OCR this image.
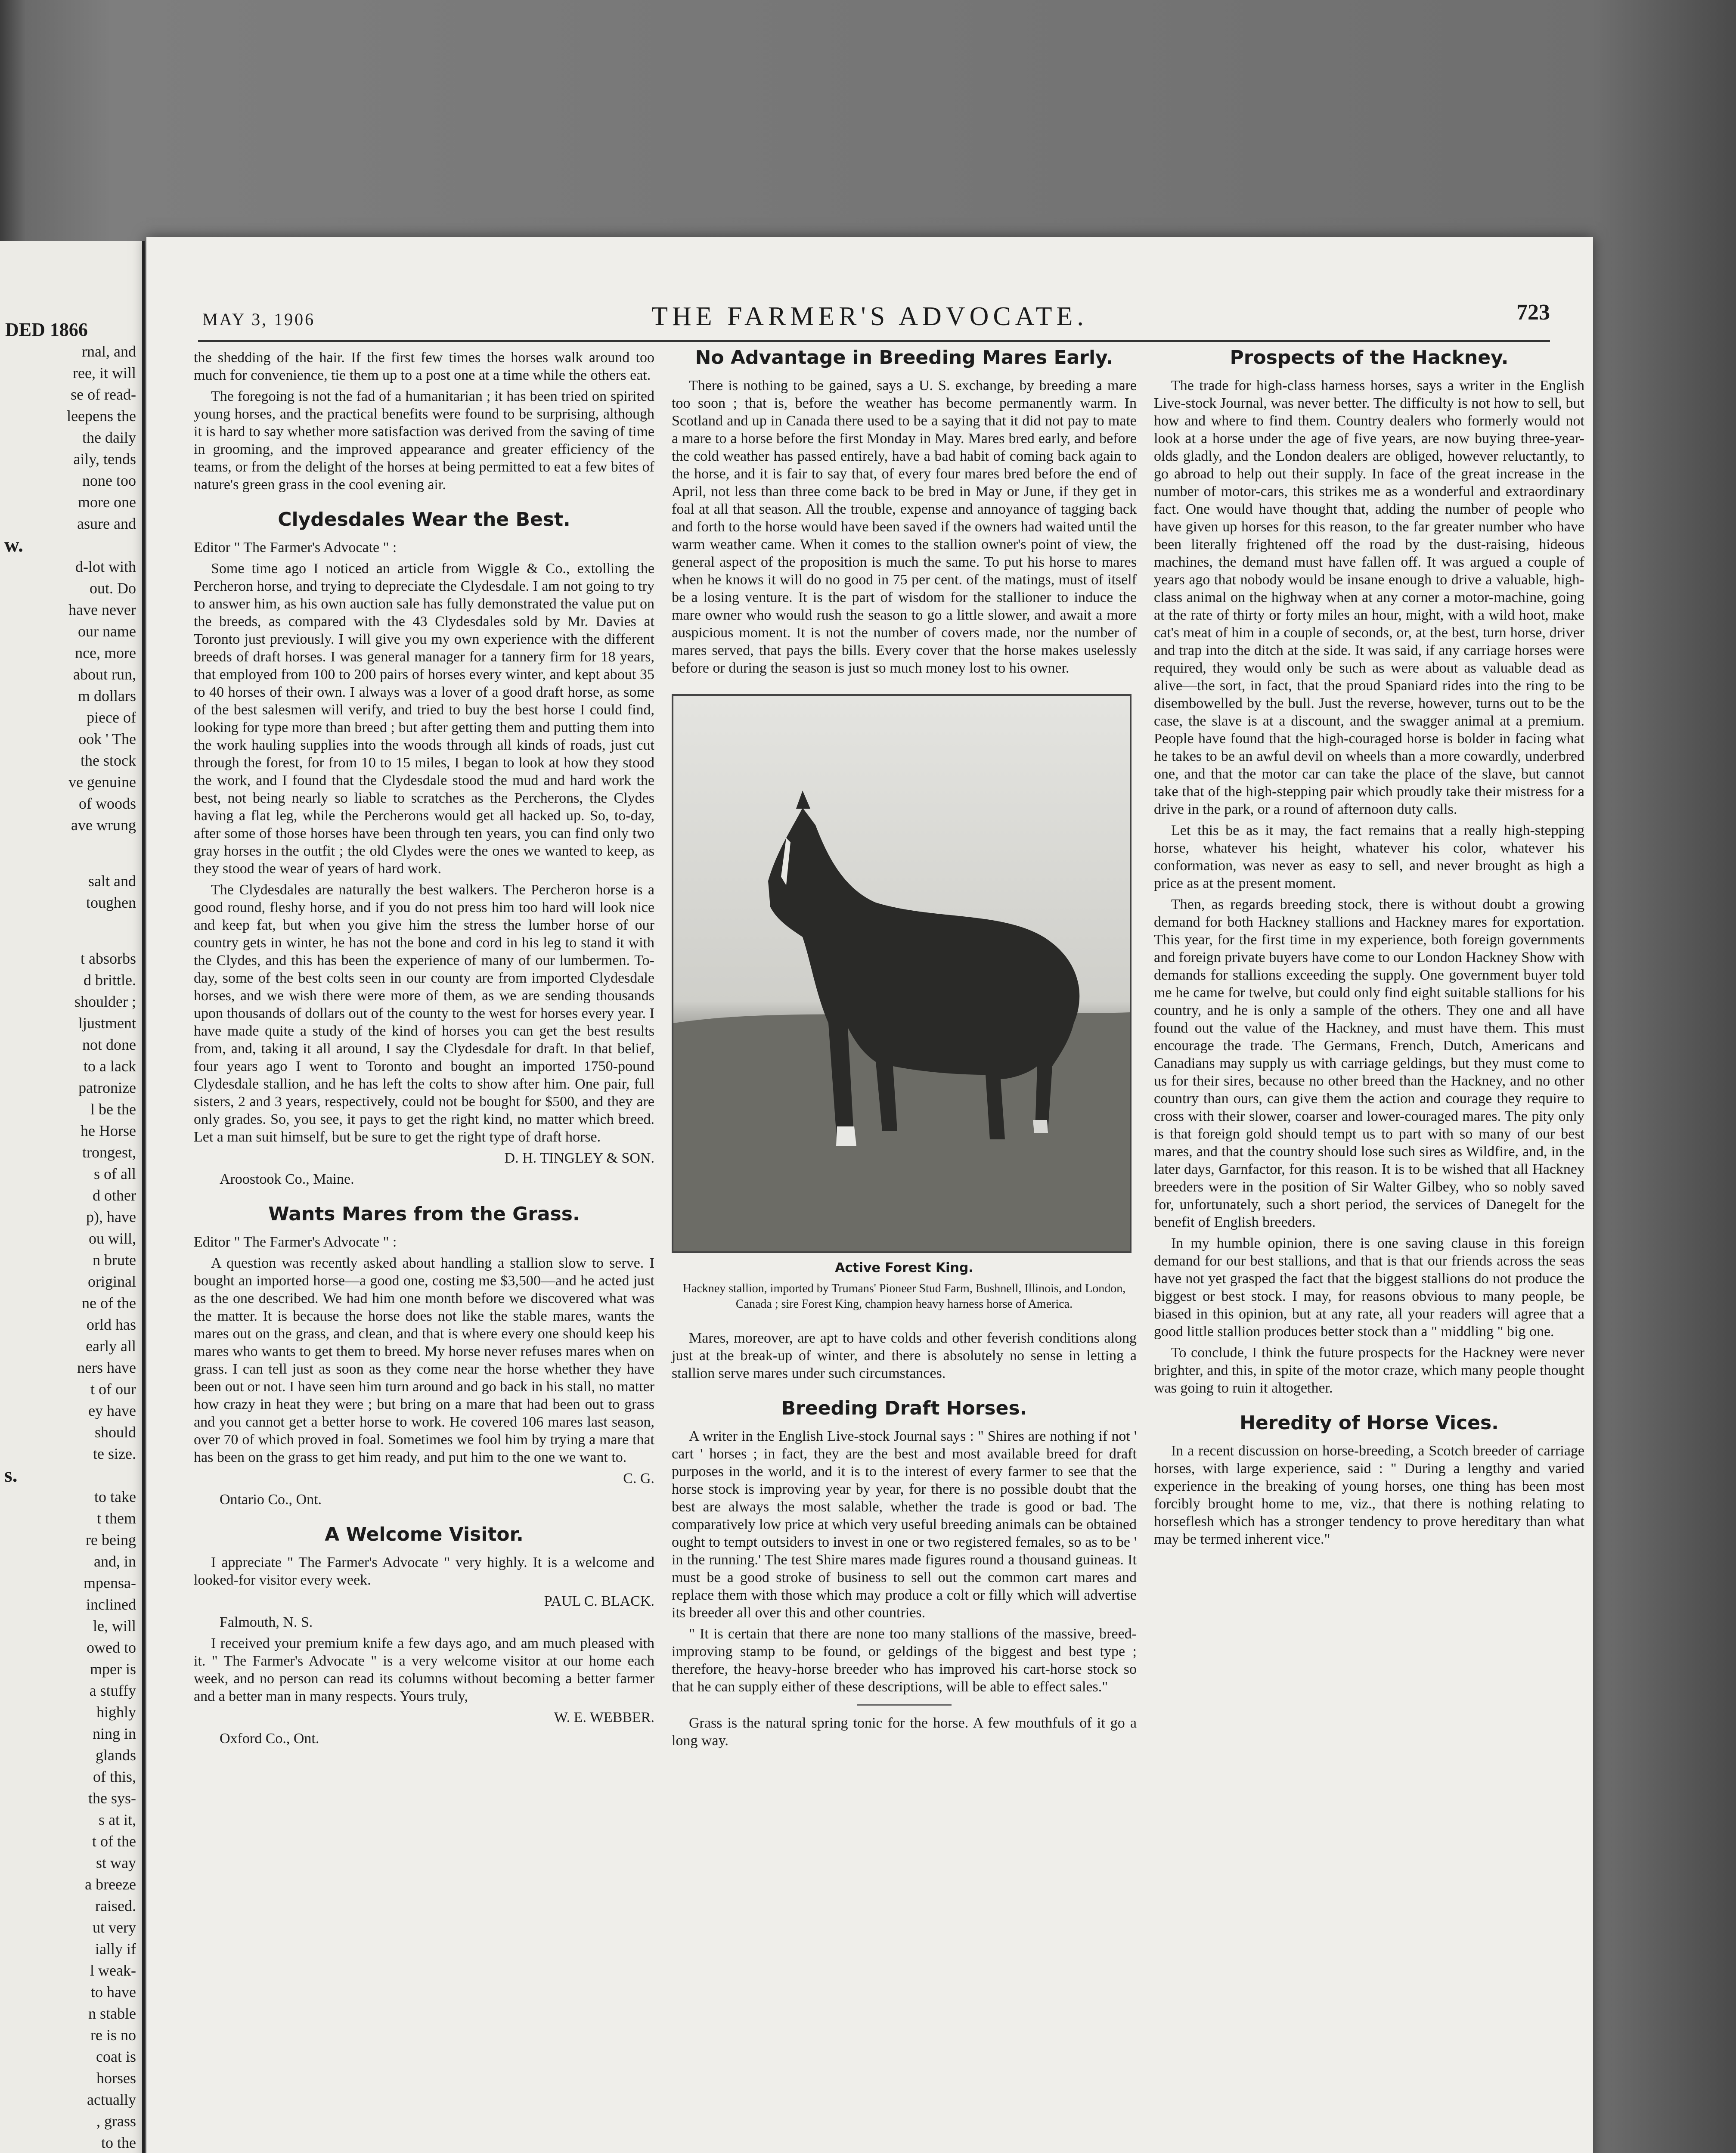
DED 1866

rnal, and

ree, it will

se of read-

leepens the

the daily

aily, tends

none too

more one

asure and

w.

d-lot with

out. Do

have never

our name

nce, more

about run,

m dollars

piece of

ook ' The

the stock

ve genuine

of woods

ave wrung

salt and

toughen

t absorbs

d brittle.

shoulder ;

ljustment

not done

to a lack

patronize

l be the

he Horse

trongest,

s of all

d other

p), have

ou will,

n brute

original

ne of the

orld has

early all

ners have

t of our

ey have

should

te size.

s.

to take

t them

re being

and, in

mpensa-

inclined

le, will

owed to

mper is

a stuffy

highly

ning in

glands

of this,

the sys-

s at it,

t of the

st way

a breeze

raised.

ut very

ially if

l weak-

to have

n stable

re is no

coat is

horses

actually

, grass

to the

MAY 3, 1906	THE FARMER'S ADVOCATE.	723

the shedding of the hair. If the first few times the horses walk around too much for convenience, tie them up to a post one at a time while the others eat.

The foregoing is not the fad of a humanitarian ; it has been tried on spirited young horses, and the practical benefits were found to be surprising, although it is hard to say whether more satisfaction was derived from the saving of time in grooming, and the improved appearance and greater efficiency of the teams, or from the delight of the horses at being permitted to eat a few bites of nature's green grass in the cool evening air.

Clydesdales Wear the Best.

Editor " The Farmer's Advocate " :

Some time ago I noticed an article from Wiggle & Co., extolling the Percheron horse, and trying to depreciate the Clydesdale. I am not going to try to answer him, as his own auction sale has fully demonstrated the value put on the breeds, as compared with the 43 Clydesdales sold by Mr. Davies at Toronto just previously. I will give you my own experience with the different breeds of draft horses. I was general manager for a tannery firm for 18 years, that employed from 100 to 200 pairs of horses every winter, and kept about 35 to 40 horses of their own. I always was a lover of a good draft horse, as some of the best salesmen will verify, and tried to buy the best horse I could find, looking for type more than breed ; but after getting them and putting them into the work hauling supplies into the woods through all kinds of roads, just cut through the forest, for from 10 to 15 miles, I began to look at how they stood the work, and I found that the Clydesdale stood the mud and hard work the best, not being nearly so liable to scratches as the Percherons, the Clydes having a flat leg, while the Percherons would get all hacked up. So, to-day, after some of those horses have been through ten years, you can find only two gray horses in the outfit ; the old Clydes were the ones we wanted to keep, as they stood the wear of years of hard work.

The Clydesdales are naturally the best walkers. The Percheron horse is a good round, fleshy horse, and if you do not press him too hard will look nice and keep fat, but when you give him the stress the lumber horse of our country gets in winter, he has not the bone and cord in his leg to stand it with the Clydes, and this has been the experience of many of our lumbermen. To-day, some of the best colts seen in our county are from imported Clydesdale horses, and we wish there were more of them, as we are sending thousands upon thousands of dollars out of the county to the west for horses every year. I have made quite a study of the kind of horses you can get the best results from, and, taking it all around, I say the Clydesdale for draft. In that belief, four years ago I went to Toronto and bought an imported 1750-pound Clydesdale stallion, and he has left the colts to show after him. One pair, full sisters, 2 and 3 years, respectively, could not be bought for $500, and they are only grades. So, you see, it pays to get the right kind, no matter which breed. Let a man suit himself, but be sure to get the right type of draft horse.

D. H. TINGLEY & SON.

Aroostook Co., Maine.

Wants Mares from the Grass.

Editor " The Farmer's Advocate " :

A question was recently asked about handling a stallion slow to serve. I bought an imported horse—a good one, costing me $3,500—and he acted just as the one described. We had him one month before we discovered what was the matter. It is because the horse does not like the stable mares, wants the mares out on the grass, and clean, and that is where every one should keep his mares who wants to get them to breed. My horse never refuses mares when on grass. I can tell just as soon as they come near the horse whether they have been out or not. I have seen him turn around and go back in his stall, no matter how crazy in heat they were ; but bring on a mare that had been out to grass and you cannot get a better horse to work. He covered 106 mares last season, over 70 of which proved in foal. Sometimes we fool him by trying a mare that has been on the grass to get him ready, and put him to the one we want to.

C. G.

Ontario Co., Ont.

A Welcome Visitor.

I appreciate " The Farmer's Advocate " very highly. It is a welcome and looked-for visitor every week.

PAUL C. BLACK.

Falmouth, N. S.

I received your premium knife a few days ago, and am much pleased with it. " The Farmer's Advocate " is a very welcome visitor at our home each week, and no person can read its columns without becoming a better farmer and a better man in many respects. Yours truly,

W. E. WEBBER.

Oxford Co., Ont.

No Advantage in Breeding Mares Early.

There is nothing to be gained, says a U. S. exchange, by breeding a mare too soon ; that is, before the weather has become permanently warm. In Scotland and up in Canada there used to be a saying that it did not pay to mate a mare to a horse before the first Monday in May. Mares bred early, and before the cold weather has passed entirely, have a bad habit of coming back again to the horse, and it is fair to say that, of every four mares bred before the end of April, not less than three come back to be bred in May or June, if they get in foal at all that season. All the trouble, expense and annoyance of tagging back and forth to the horse would have been saved if the owners had waited until the warm weather came. When it comes to the stallion owner's point of view, the general aspect of the proposition is much the same. To put his horse to mares when he knows it will do no good in 75 per cent. of the matings, must of itself be a losing venture. It is the part of wisdom for the stallioner to induce the mare owner who would rush the season to go a little slower, and await a more auspicious moment. It is not the number of covers made, nor the number of mares served, that pays the bills. Every cover that the horse makes uselessly before or during the season is just so much money lost to his owner.

Active Forest King.
Hackney stallion, imported by Trumans' Pioneer Stud Farm, Bushnell, Illinois, and London, Canada ; sire Forest King, champion heavy harness horse of America.

Mares, moreover, are apt to have colds and other feverish conditions along just at the break-up of winter, and there is absolutely no sense in letting a stallion serve mares under such circumstances.

Breeding Draft Horses.

A writer in the English Live-stock Journal says : " Shires are nothing if not ' cart ' horses ; in fact, they are the best and most available breed for draft purposes in the world, and it is to the interest of every farmer to see that the horse stock is improving year by year, for there is no possible doubt that the best are always the most salable, whether the trade is good or bad. The comparatively low price at which very useful breeding animals can be obtained ought to tempt outsiders to invest in one or two registered females, so as to be ' in the running.' The test Shire mares made figures round a thousand guineas. It must be a good stroke of business to sell out the common cart mares and replace them with those which may produce a colt or filly which will advertise its breeder all over this and other countries.

" It is certain that there are none too many stallions of the massive, breed-improving stamp to be found, or geldings of the biggest and best type ; therefore, the heavy-horse breeder who has improved his cart-horse stock so that he can supply either of these descriptions, will be able to effect sales."

Grass is the natural spring tonic for the horse. A few mouthfuls of it go a long way.

Prospects of the Hackney.

The trade for high-class harness horses, says a writer in the English Live-stock Journal, was never better. The difficulty is not how to sell, but how and where to find them. Country dealers who formerly would not look at a horse under the age of five years, are now buying three-year-olds gladly, and the London dealers are obliged, however reluctantly, to go abroad to help out their supply. In face of the great increase in the number of motor-cars, this strikes me as a wonderful and extraordinary fact. One would have thought that, adding the number of people who have given up horses for this reason, to the far greater number who have been literally frightened off the road by the dust-raising, hideous machines, the demand must have fallen off. It was argued a couple of years ago that nobody would be insane enough to drive a valuable, high-class animal on the highway when at any corner a motor-machine, going at the rate of thirty or forty miles an hour, might, with a wild hoot, make cat's meat of him in a couple of seconds, or, at the best, turn horse, driver and trap into the ditch at the side. It was said, if any carriage horses were required, they would only be such as were about as valuable dead as alive—the sort, in fact, that the proud Spaniard rides into the ring to be disembowelled by the bull. Just the reverse, however, turns out to be the case, the slave is at a discount, and the swagger animal at a premium. People have found that the high-couraged horse is bolder in facing what he takes to be an awful devil on wheels than a more cowardly, underbred one, and that the motor car can take the place of the slave, but cannot take that of the high-stepping pair which proudly take their mistress for a drive in the park, or a round of afternoon duty calls.

Let this be as it may, the fact remains that a really high-stepping horse, whatever his height, whatever his color, whatever his conformation, was never as easy to sell, and never brought as high a price as at the present moment.

Then, as regards breeding stock, there is without doubt a growing demand for both Hackney stallions and Hackney mares for exportation. This year, for the first time in my experience, both foreign governments and foreign private buyers have come to our London Hackney Show with demands for stallions exceeding the supply. One government buyer told me he came for twelve, but could only find eight suitable stallions for his country, and he is only a sample of the others. They one and all have found out the value of the Hackney, and must have them. This must encourage the trade. The Germans, French, Dutch, Americans and Canadians may supply us with carriage geldings, but they must come to us for their sires, because no other breed than the Hackney, and no other country than ours, can give them the action and courage they require to cross with their slower, coarser and lower-couraged mares. The pity only is that foreign gold should tempt us to part with so many of our best mares, and that the country should lose such sires as Wildfire, and, in the later days, Garnfactor, for this reason. It is to be wished that all Hackney breeders were in the position of Sir Walter Gilbey, who so nobly saved for, unfortunately, such a short period, the services of Danegelt for the benefit of English breeders.

In my humble opinion, there is one saving clause in this foreign demand for our best stallions, and that is that our friends across the seas have not yet grasped the fact that the biggest stallions do not produce the biggest or best stock. I may, for reasons obvious to many people, be biased in this opinion, but at any rate, all your readers will agree that a good little stallion produces better stock than a " middling " big one.

To conclude, I think the future prospects for the Hackney were never brighter, and this, in spite of the motor craze, which many people thought was going to ruin it altogether.

Heredity of Horse Vices.

In a recent discussion on horse-breeding, a Scotch breeder of carriage horses, with large experience, said : " During a lengthy and varied experience in the breaking of young horses, one thing has been most forcibly brought home to me, viz., that there is nothing relating to horseflesh which has a stronger tendency to prove hereditary than what may be termed inherent vice."
